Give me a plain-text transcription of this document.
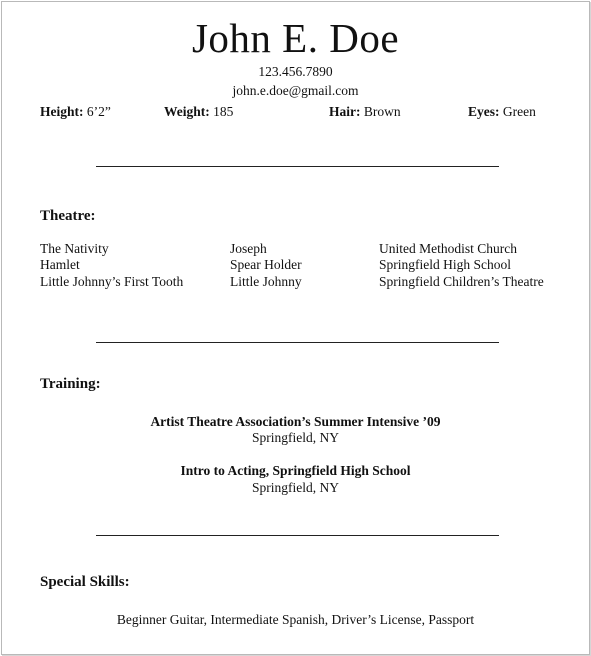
John E. Doe
123.456.7890
john.e.doe@gmail.com
Height: 6’2”	Weight: 185	Hair: Brown	Eyes: Green
Theatre:
The Nativity	Joseph	United Methodist Church
Hamlet	Spear Holder	Springfield High School
Little Johnny’s First Tooth	Little Johnny	Springfield Children’s Theatre
Training:
Artist Theatre Association’s Summer Intensive ’09
Springfield, NY
Intro to Acting, Springfield High School
Springfield, NY
Special Skills:
Beginner Guitar, Intermediate Spanish, Driver’s License, Passport
